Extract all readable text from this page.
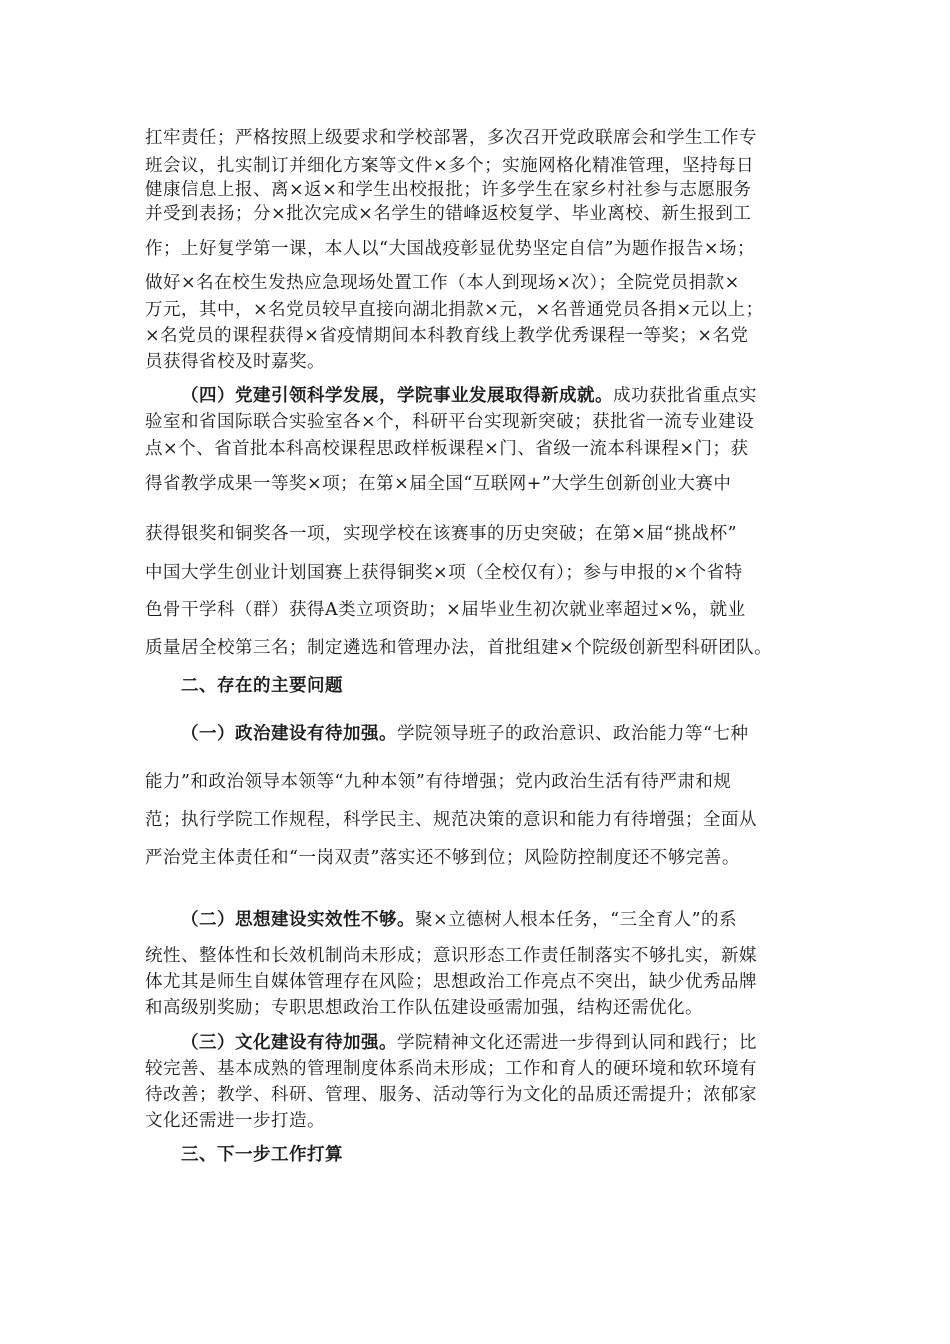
扛牢责任；严格按照上级要求和学校部署，多次召开党政联席会和学生工作专
班会议，扎实制订并细化方案等文件×多个；实施网格化精准管理，坚持每日
健康信息上报、离×返×和学生出校报批；许多学生在家乡村社参与志愿服务
并受到表扬；分×批次完成×名学生的错峰返校复学、毕业离校、新生报到工
作；上好复学第一课，本人以“大国战疫彰显优势坚定自信”为题作报告×场；
做好×名在校生发热应急现场处置工作（本人到现场×次）；全院党员捐款×
万元，其中，×名党员较早直接向湖北捐款×元，×名普通党员各捐×元以上；
×名党员的课程获得×省疫情期间本科教育线上教学优秀课程一等奖；×名党
员获得省校及时嘉奖。
（四）党建引领科学发展，学院事业发展取得新成就。成功获批省重点实
验室和省国际联合实验室各×个，科研平台实现新突破；获批省一流专业建设
点×个、省首批本科高校课程思政样板课程×门、省级一流本科课程×门；获
得省教学成果一等奖×项；在第×届全国“互联网+”大学生创新创业大赛中
获得银奖和铜奖各一项，实现学校在该赛事的历史突破；在第×届“挑战杯”
中国大学生创业计划国赛上获得铜奖×项（全校仅有）；参与申报的×个省特
色骨干学科（群）获得A类立项资助；×届毕业生初次就业率超过×%，就业
质量居全校第三名；制定遴选和管理办法，首批组建×个院级创新型科研团队。
二、存在的主要问题
（一）政治建设有待加强。学院领导班子的政治意识、政治能力等“七种
能力”和政治领导本领等“九种本领”有待增强；党内政治生活有待严肃和规
范；执行学院工作规程，科学民主、规范决策的意识和能力有待增强；全面从
严治党主体责任和“一岗双责”落实还不够到位；风险防控制度还不够完善。
（二）思想建设实效性不够。聚×立德树人根本任务，“三全育人”的系
统性、整体性和长效机制尚未形成；意识形态工作责任制落实不够扎实，新媒
体尤其是师生自媒体管理存在风险；思想政治工作亮点不突出，缺少优秀品牌
和高级别奖励；专职思想政治工作队伍建设亟需加强，结构还需优化。
（三）文化建设有待加强。学院精神文化还需进一步得到认同和践行；比
较完善、基本成熟的管理制度体系尚未形成；工作和育人的硬环境和软环境有
待改善；教学、科研、管理、服务、活动等行为文化的品质还需提升；浓郁家
文化还需进一步打造。
三、下一步工作打算
